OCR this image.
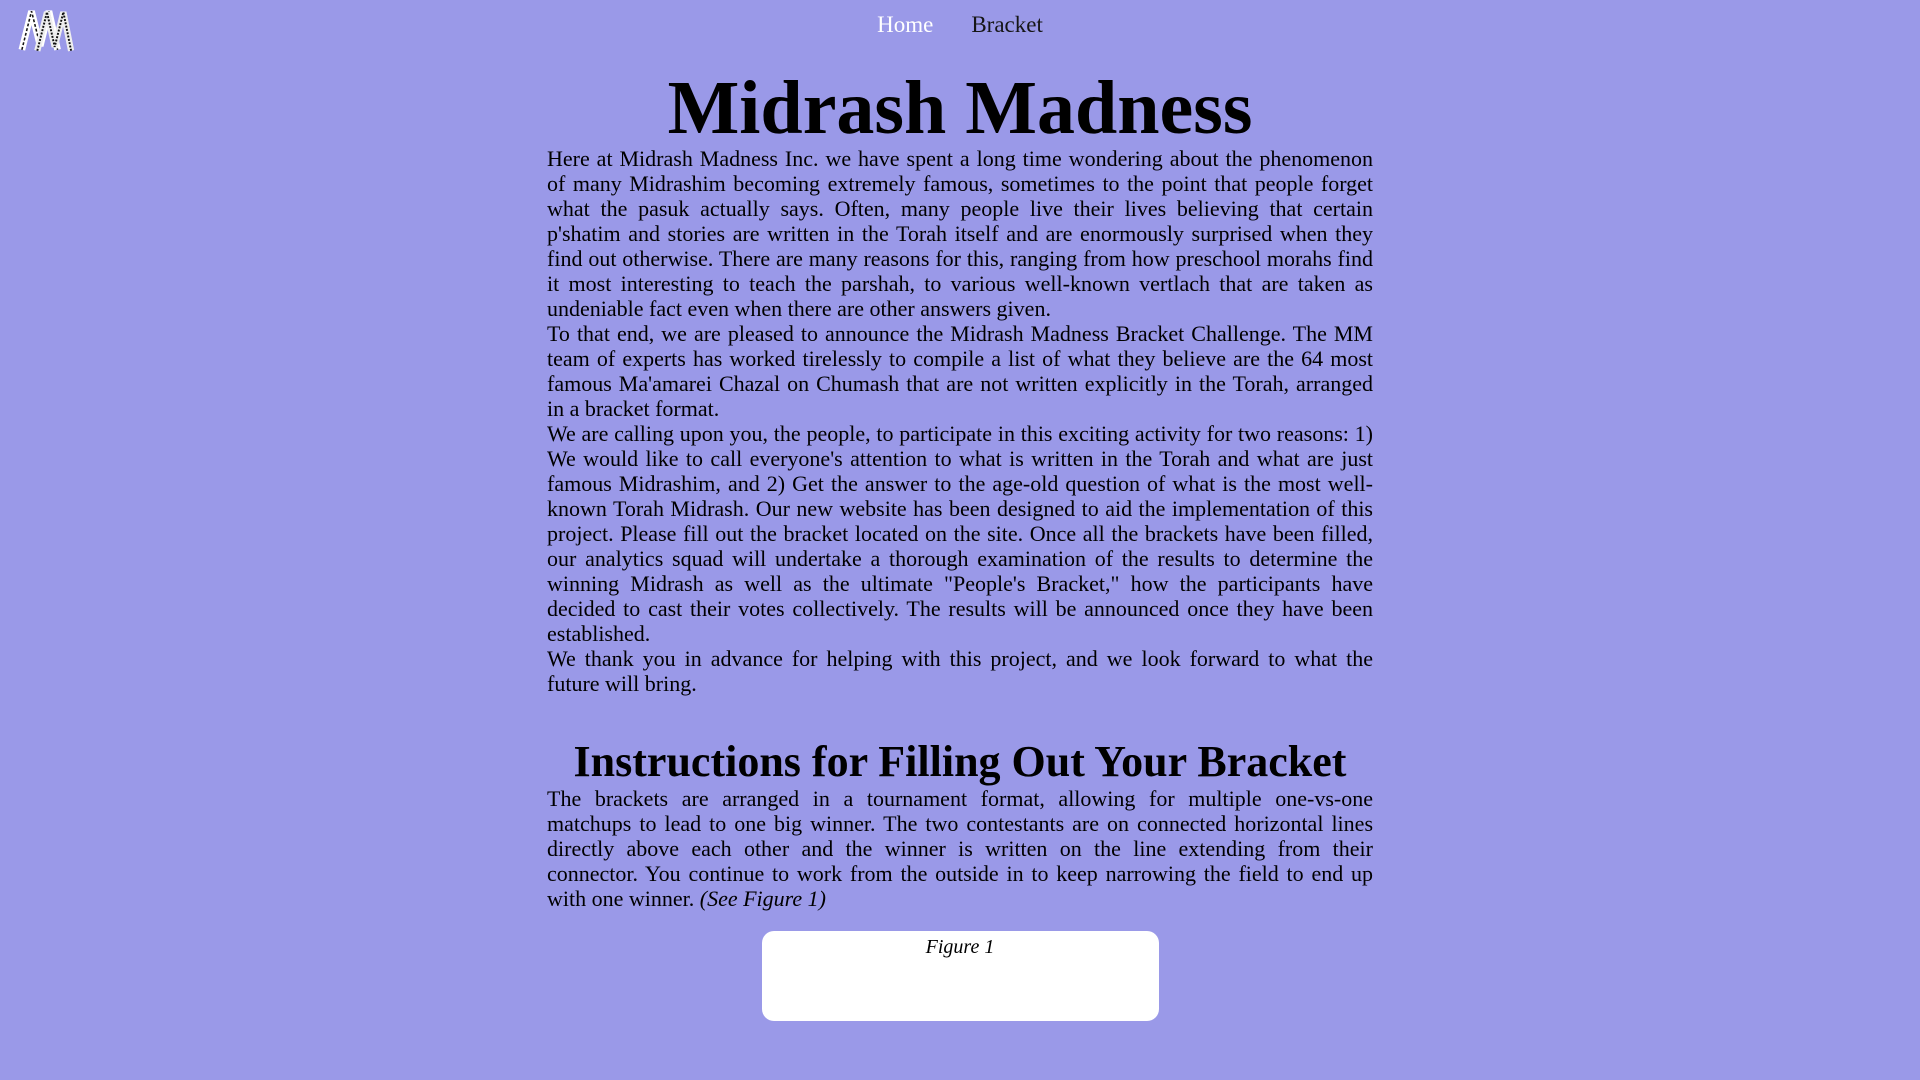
Home Bracket
Midrash Madness

Here at Midrash Madness Inc. we have spent a long time wondering about the phenomenon of many Midrashim becoming extremely famous, sometimes to the point that people forget what the pasuk actually says. Often, many people live their lives believing that certain p'shatim and stories are written in the Torah itself and are enormously surprised when they find out otherwise. There are many reasons for this, ranging from how preschool morahs find it most interesting to teach the parshah, to various well-known vertlach that are taken as undeniable fact even when there are other answers given.

To that end, we are pleased to announce the Midrash Madness Bracket Challenge. The MM team of experts has worked tirelessly to compile a list of what they believe are the 64 most famous Ma'amarei Chazal on Chumash that are not written explicitly in the Torah, arranged in a bracket format.

We are calling upon you, the people, to participate in this exciting activity for two reasons: 1) We would like to call everyone's attention to what is written in the Torah and what are just famous Midrashim, and 2) Get the answer to the age-old question of what is the most well-known Torah Midrash. Our new website has been designed to aid the implementation of this project. Please fill out the bracket located on the site. Once all the brackets have been filled, our analytics squad will undertake a thorough examination of the results to determine the winning Midrash as well as the ultimate "People's Bracket," how the participants have decided to cast their votes collectively. The results will be announced once they have been established.

We thank you in advance for helping with this project, and we look forward to what the future will bring.

Instructions for Filling Out Your Bracket

The brackets are arranged in a tournament format, allowing for multiple one-vs-one matchups to lead to one big winner. The two contestants are on connected horizontal lines directly above each other and the winner is written on the line extending from their connector. You continue to work from the outside in to keep narrowing the field to end up with one winner. (See Figure 1)

Figure 1
